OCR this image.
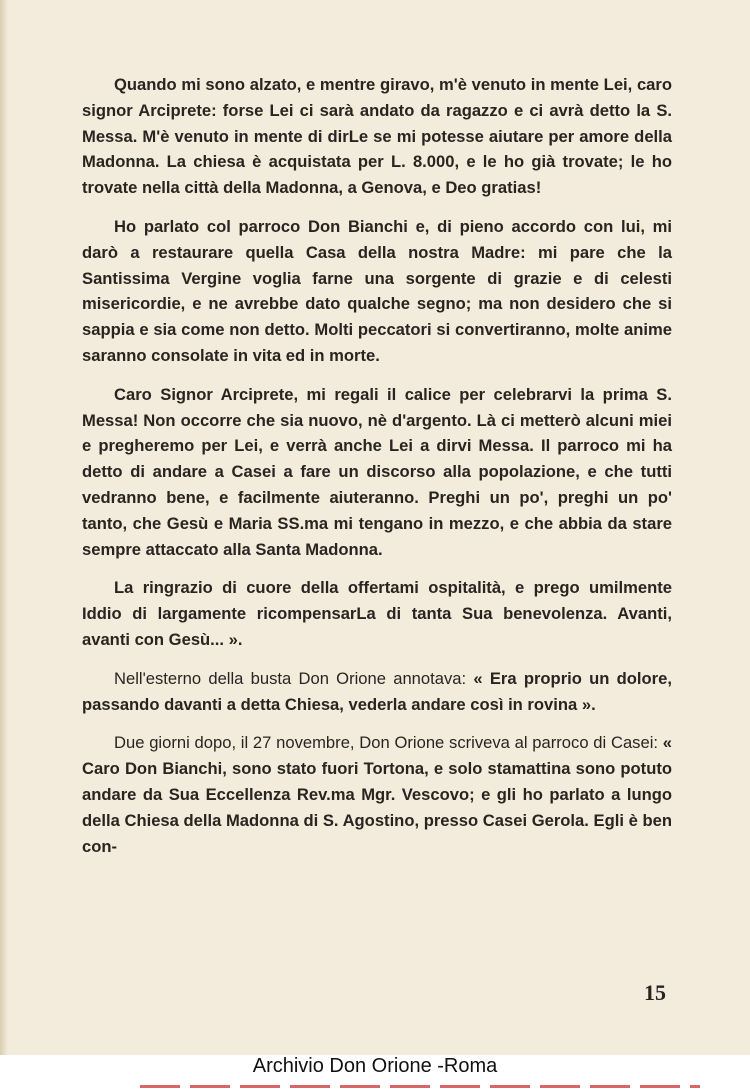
Quando mi sono alzato, e mentre giravo, m'è venuto in mente Lei, caro signor Arciprete: forse Lei ci sarà andato da ragazzo e ci avrà detto la S. Messa. M'è venuto in mente di dirLe se mi potesse aiutare per amore della Madonna. La chiesa è acquistata per L. 8.000, e le ho già trovate; le ho trovate nella città della Madonna, a Genova, e Deo gratias!

Ho parlato col parroco Don Bianchi e, di pieno accordo con lui, mi darò a restaurare quella Casa della nostra Madre: mi pare che la Santissima Vergine voglia farne una sorgente di grazie e di celesti misericordie, e ne avrebbe dato qualche segno; ma non desidero che si sappia e sia come non detto. Molti peccatori si convertiranno, molte anime saranno consolate in vita ed in morte.

Caro Signor Arciprete, mi regali il calice per celebrarvi la prima S. Messa! Non occorre che sia nuovo, nè d'argento. Là ci metterò alcuni miei e pregheremo per Lei, e verrà anche Lei a dirvi Messa. Il parroco mi ha detto di andare a Casei a fare un discorso alla popolazione, e che tutti vedranno bene, e facilmente aiuteranno. Preghi un po', preghi un po' tanto, che Gesù e Maria SS.ma mi tengano in mezzo, e che abbia da stare sempre attaccato alla Santa Madonna.

La ringrazio di cuore della offertami ospitalità, e prego umilmente Iddio di largamente ricompensarLa di tanta Sua benevolenza. Avanti, avanti con Gesù... ».

Nell'esterno della busta Don Orione annotava: « Era proprio un dolore, passando davanti a detta Chiesa, vederla andare così in rovina ».

Due giorni dopo, il 27 novembre, Don Orione scriveva al parroco di Casei: « Caro Don Bianchi, sono stato fuori Tortona, e solo stamattina sono potuto andare da Sua Eccellenza Rev.ma Mgr. Vescovo; e gli ho parlato a lungo della Chiesa della Madonna di S. Agostino, presso Casei Gerola. Egli è ben con-

15
Archivio Don Orione -Roma
